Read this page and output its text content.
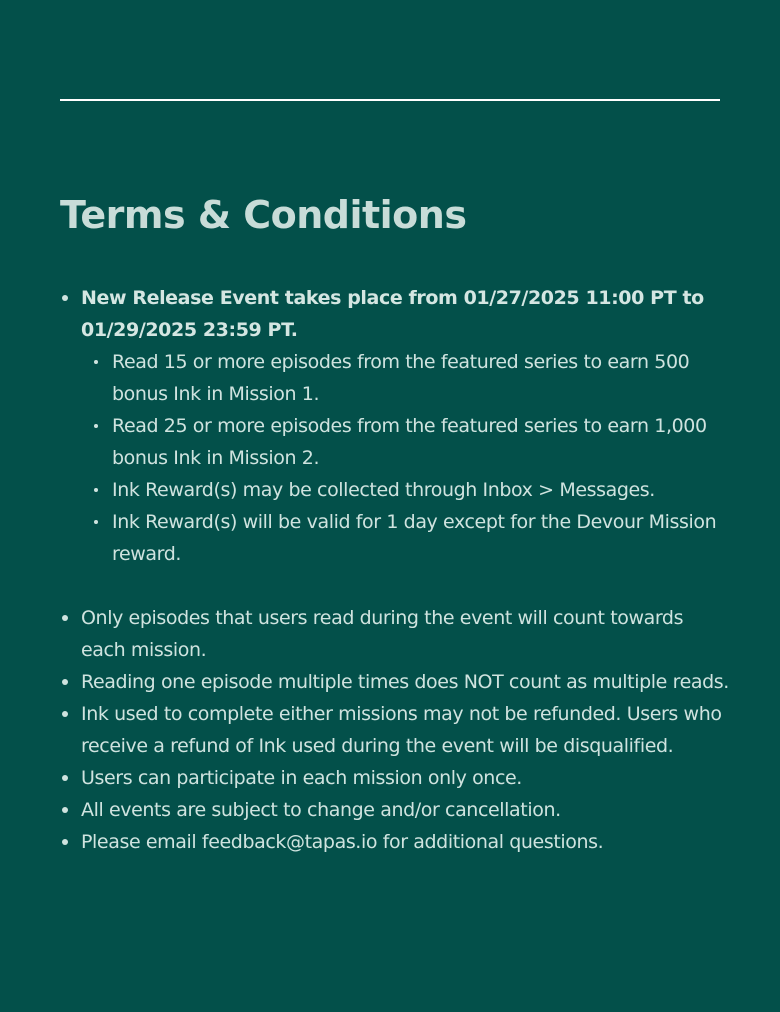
Terms & Conditions
New Release Event takes place from 01/27/2025 11:00 PT to 01/29/2025 23:59 PT.
Read 15 or more episodes from the featured series to earn 500 bonus Ink in Mission 1.
Read 25 or more episodes from the featured series to earn 1,000 bonus Ink in Mission 2.
Ink Reward(s) may be collected through Inbox > Messages.
Ink Reward(s) will be valid for 1 day except for the Devour Mission reward.
Only episodes that users read during the event will count towards each mission.
Reading one episode multiple times does NOT count as multiple reads.
Ink used to complete either missions may not be refunded. Users who receive a refund of Ink used during the event will be disqualified.
Users can participate in each mission only once.
All events are subject to change and/or cancellation.
Please email feedback@tapas.io for additional questions.
